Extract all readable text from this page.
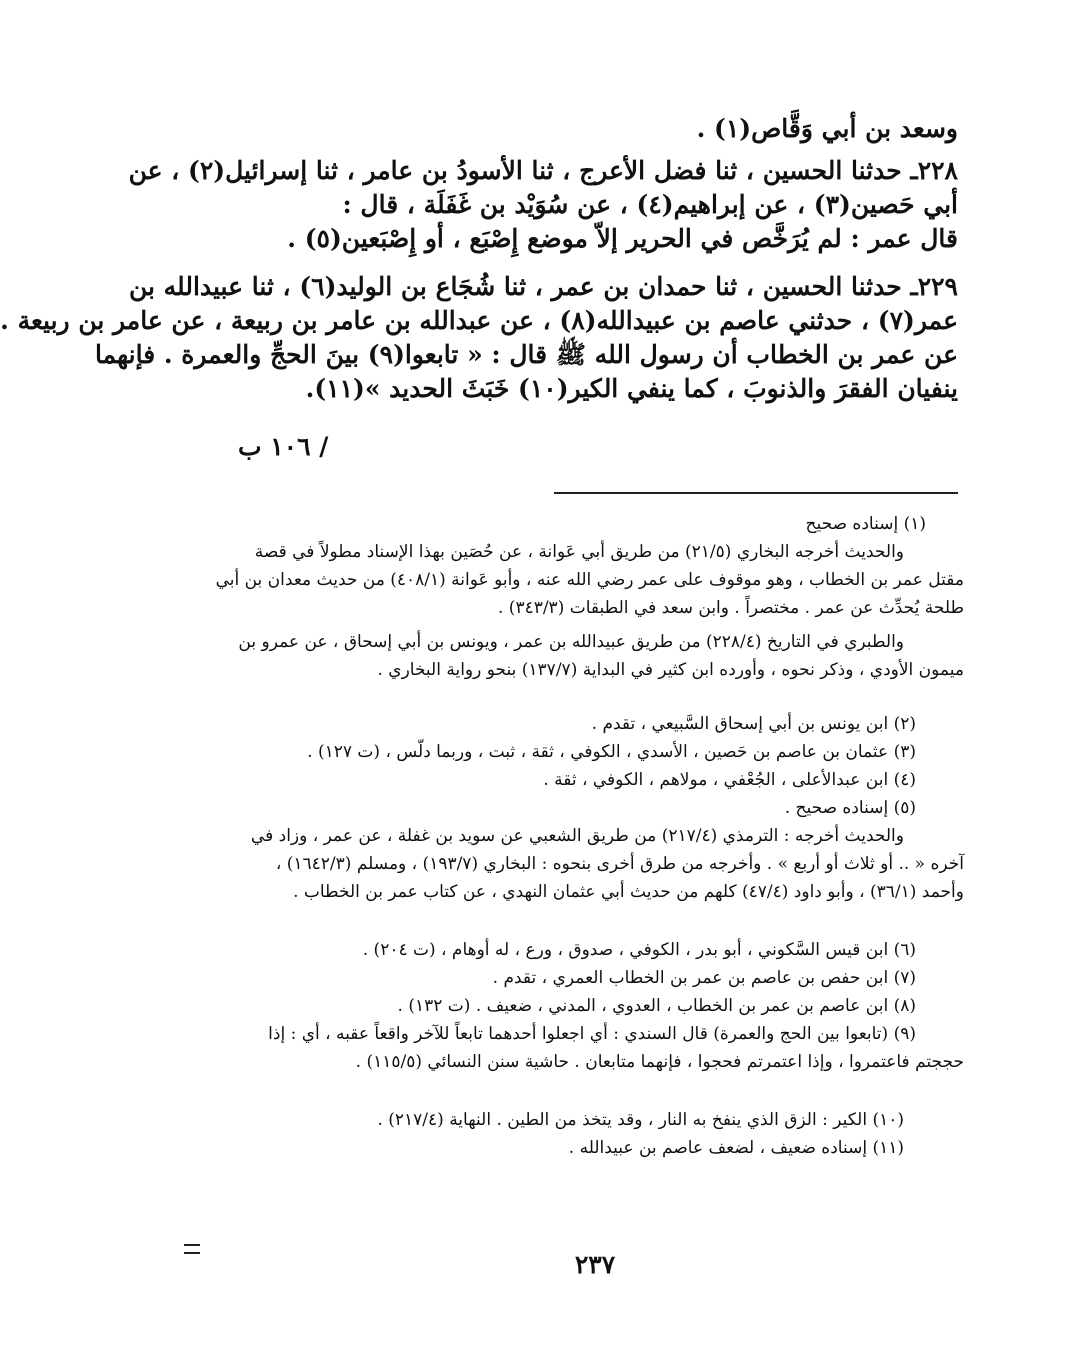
وسعد بن أبي وَقَّاص(١) .
٢٢٨ـ حدثنا الحسين ، ثنا فضل الأعرج ، ثنا الأسودُ بن عامر ، ثنا إسرائيل(٢) ، عن
أبي حَصين(٣) ، عن إبراهيم(٤) ، عن سُوَيْد بن غَفَلَة ، قال :
قال عمر : لم يُرَخَّص في الحرير إلاّ موضع إِصْبَع ، أو إِصْبَعين(٥) .
٢٢٩ـ حدثنا الحسين ، ثنا حمدان بن عمر ، ثنا شُجَاع بن الوليد(٦) ، ثنا عبيدالله بن
عمر(٧) ، حدثني عاصم بن عبيدالله(٨) ، عن عبدالله بن عامر بن ربيعة ، عن عامر بن ربيعة .
عن عمر بن الخطاب أن رسول الله ﷺ قال : « تابعوا(٩) بينَ الحجِّ والعمرة . فإنهما
ينفيان الفقرَ والذنوبَ ، كما ينفي الكير(١٠) خَبَثَ الحديد »(١١).
/ ١٠٦ ب
(١) إسناده صحيح
والحديث أخرجه البخاري (٢١/٥) من طريق أبي عَوانة ، عن حُصَين بهذا الإسناد مطولاً في قصة
مقتل عمر بن الخطاب ، وهو موقوف على عمر رضي الله عنه ، وأبو عَوانة (٤٠٨/١) من حديث معدان بن أبي
طلحة يُحدِّث عن عمر . مختصراً . وابن سعد في الطبقات (٣٤٣/٣) .
والطبري في التاريخ (٢٢٨/٤) من طريق عبيدالله بن عمر ، ويونس بن أبي إسحاق ، عن عمرو بن
ميمون الأودي ، وذكر نحوه ، وأورده ابن كثير في البداية (١٣٧/٧) بنحو رواية البخاري .
(٢) ابن يونس بن أبي إسحاق السَّبيعي ، تقدم .
(٣) عثمان بن عاصم بن حَصين ، الأسدي ، الكوفي ، ثقة ، ثبت ، وربما دلّس ، (ت ١٢٧) .
(٤) ابن عبدالأعلى ، الجُعْفي ، مولاهم ، الكوفي ، ثقة .
(٥) إسناده صحيح .
والحديث أخرجه : الترمذي (٢١٧/٤) من طريق الشعبي عن سويد بن غفلة ، عن عمر ، وزاد في
آخره « .. أو ثلاث أو أربع » . وأخرجه من طرق أخرى بنحوه : البخاري (١٩٣/٧) ، ومسلم (١٦٤٢/٣) ،
وأحمد (٣٦/١) ، وأبو داود (٤٧/٤) كلهم من حديث أبي عثمان النهدي ، عن كتاب عمر بن الخطاب .
(٦) ابن قيس السَّكوني ، أبو بدر ، الكوفي ، صدوق ، ورع ، له أوهام ، (ت ٢٠٤) .
(٧) ابن حفص بن عاصم بن عمر بن الخطاب العمري ، تقدم .
(٨) ابن عاصم بن عمر بن الخطاب ، العدوي ، المدني ، ضعيف . (ت ١٣٢) .
(٩) (تابعوا بين الحج والعمرة) قال السندي : أي اجعلوا أحدهما تابعاً للآخر واقعاً عقبه ، أي : إذا
حججتم فاعتمروا ، وإذا اعتمرتم فحجوا ، فإنهما متابعان . حاشية سنن النسائي (١١٥/٥) .
(١٠) الكير : الزق الذي ينفخ به النار ، وقد يتخذ من الطين . النهاية (٢١٧/٤) .
(١١) إسناده ضعيف ، لضعف عاصم بن عبيدالله .
٢٣٧
